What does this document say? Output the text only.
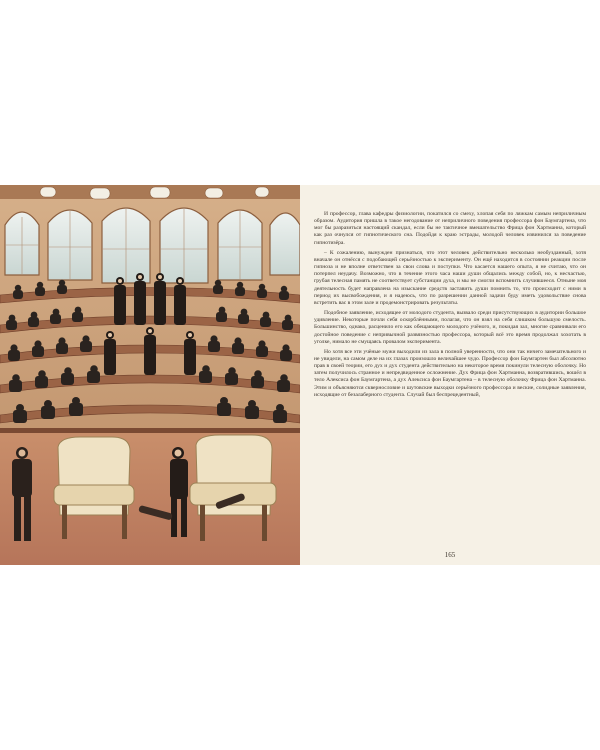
И профессор, глава кафедры физиологии, покатился со смеху, хлопая себя по ляжкам самым неприличным образом. Аудитория пришла в такое негодование от неприличного поведения профессора фон Баумгартена, что мог бы разразиться настоящий скандал, если бы не тактичное вмешательство Фрица фон Хартманна, который как раз очнулся от гипнотического сна. Подойдя к краю эстрады, молодой человек извинился за поведение гипнотизёра.

– К сожалению, вынужден признаться, что этот человек действительно несколько необузданный, хотя вначале он отнёсся с подобающей серьёзностью к эксперименту. Он ещё находится в состоянии реакции после гипноза и не вполне ответствен за свои слова и поступки. Что касается нашего опыта, я не считаю, что он потерпел неудачу. Возможно, что в течение этого часа наши души общались между собой, но, к несчастью, грубая телесная память не соответствует субстанции духа, и мы не смогли вспомнить случившееся. Отныне моя деятельность будет направлена на изыскание средств заставить души помнить то, что происходит с ними в период их высвобождения, и я надеюсь, что по разрешении данной задачи буду иметь удовольствие снова встретить вас в этом зале и продемонстрировать результаты.

Подобное заявление, исходящее от молодого студента, вызвало среди присутствующих в аудитории большое удивление. Некоторые почли себя оскорблёнными, полагая, что он взял на себя слишком большую смелость. Большинство, однако, расценило его как обещающего молодого учёного, и, покидая зал, многие сравнивали его достойное поведение с непривычной развязностью профессора, который всё это время продолжал хохотать в уголке, нимало не смущаясь провалом эксперимента.

Но хотя все эти учёные мужи выходили из зала в полной уверенности, что они так ничего замечательного и не увидели, на самом деле на их глазах произошло величайшее чудо. Профессор фон Баумгартен был абсолютно прав в своей теории, его дух и дух студента действительно на некоторое время покинули телесную оболочку. Но затем получилось странное и непредвиденное осложнение. Дух Фрица фон Хартманна, возвратившись, вошёл в тело Алексиса фон Баумгартена, а дух Алексиса фон Баумгартена – в телесную оболочку Фрица фон Хартманна. Этим и объясняются сквернословие и шутовские выходки серьёзного профессора и веские, солидные заявления, исходящие от безалаберного студента. Случай был беспрецедентный,

165
